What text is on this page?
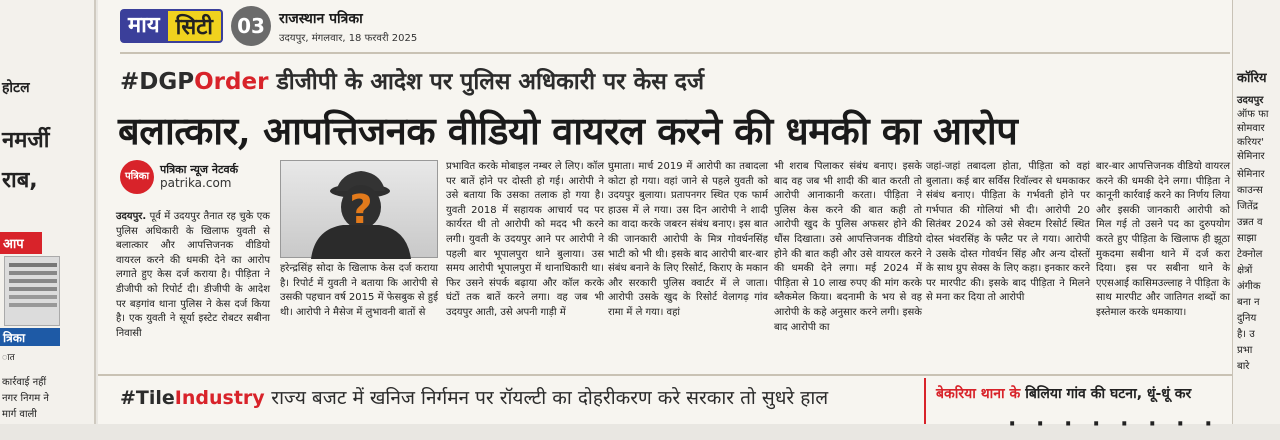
होटल
नमर्जी
राब,
आप
त्रिका
ात
कार्रवाई नहीं
नगर निगम ने
मार्ग वाली
माय सिटी	03	राजस्थान पत्रिका
उदयपुर, मंगलवार, 18 फरवरी 2025
#DGPOrder डीजीपी के आदेश पर पुलिस अधिकारी पर केस दर्ज
बलात्कार, आपत्तिजनक वीडियो वायरल करने की धमकी का आरोप
पत्रिका
पत्रिका न्यूज नेटवर्क
patrika.com
उदयपुर. पूर्व में उदयपुर तैनात रह चुके एक पुलिस अधिकारी के खिलाफ युवती से बलात्कार और आपत्तिजनक वीडियो वायरल करने की धमकी देने का आरोप लगाते हुए केस दर्ज कराया है। पीड़िता ने डीजीपी को रिपोर्ट दी। डीजीपी के आदेश पर बड़गांव थाना पुलिस ने केस दर्ज किया है। एक युवती ने सूर्या इस्टेट रोबटर सबीना निवासी
?
हरेन्द्रसिंह सोदा के खिलाफ केस दर्ज कराया है। रिपोर्ट में युवती ने बताया कि आरोपी से उसकी पहचान वर्ष 2015 में फेसबुक से हुई थी। आरोपी ने मैसेज में लुभावनी बातों से
प्रभावित करके मोबाइल नम्बर ले लिए। कॉल पर बातें होने पर दोस्ती हो गई। आरोपी ने उसे बताया कि उसका तलाक हो गया है। युवती 2018 में सहायक आचार्य पद पर कार्यरत थी तो आरोपी को मदद भी करने लगी। युवती के उदयपुर आने पर आरोपी ने पहली बार भूपालपुरा थाने बुलाया। उस समय आरोपी भूपालपुरा में थानाधिकारी था। फिर उसने संपर्क बढ़ाया और कॉल करके घंटों तक बातें करने लगा। वह जब भी उदयपुर आती, उसे अपनी गाड़ी में
घुमाता। मार्च 2019 में आरोपी का तबादला कोटा हो गया। वहां जाने से पहले युवती को उदयपुर बुलाया। प्रतापनगर स्थित एक फार्म हाउस में ले गया। उस दिन आरोपी ने शादी का वादा करके जबरन संबंध बनाए। इस बात की जानकारी आरोपी के मित्र गोवर्धनसिंह भाटी को भी थी। इसके बाद आरोपी बार-बार संबंध बनाने के लिए रिसोर्ट, किराए के मकान और सरकारी पुलिस क्वार्टर में ले जाता। आरोपी उसके खुद के रिसोर्ट वेलागढ़ गांव रामा में ले गया। वहां
भी शराब पिलाकर संबंध बनाए। इसके बाद वह जब भी शादी की बात करती तो आरोपी आनाकानी करता। पीड़िता ने पुलिस केस करने की बात कही तो आरोपी खुद के पुलिस अफसर होने की धौंस दिखाता। उसे आपत्तिजनक वीडियो होने की बात कही और उसे वायरल करने की धमकी देने लगा। मई 2024 में पीड़िता से 10 लाख रुपए की मांग करके ब्लैकमेल किया। बदनामी के भय से वह आरोपी के कहे अनुसार करने लगी। इसके बाद आरोपी का
जहां-जहां तबादला होता, पीड़िता को वहां बुलाता। कई बार सर्विस रिवॉल्वर से धमकाकर संबंध बनाए। पीड़िता के गर्भवती होने पर गर्भपात की गोलियां भी दी। आरोपी 20 सितंबर 2024 को उसे सेक्टम रिसोर्ट स्थित दोस्त भंवरसिंह के फ्लैट पर ले गया। आरोपी ने उसके दोस्त गोवर्धन सिंह और अन्य दोस्तों के साथ ग्रुप सेक्स के लिए कहा। इनकार करने पर मारपीट की। इसके बाद पीड़िता ने मिलने से मना कर दिया तो आरोपी
बार-बार आपत्तिजनक वीडियो वायरल करने की धमकी देने लगा। पीड़िता ने कानूनी कार्रवाई करने का निर्णय लिया और इसकी जानकारी आरोपी को मिल गई तो उसने पद का दुरुपयोग करते हुए पीड़िता के खिलाफ ही झूठा मुकदमा सबीना थाने में दर्ज करा दिया। इस पर सबीना थाने के एएसआई कासिमउल्लाह ने पीड़िता के साथ मारपीट और जातिगत शब्दों का इस्तेमाल करके धमकाया।
#TileIndustry राज्य बजट में खनिज निर्गमन पर रॉयल्टी का दोहरीकरण करे सरकार तो सुधरे हाल	बेकरिया थाना के बिलिया गांव की घटना, धूं-धूं कर
· · · · · · · ·
कॉरिय
उदयपुर
ऑफ फा
सोमवार
करियर'
सेमिनार
सेमिनार
काउन्स
जितेंद्र
उन्नत व
साझा
टेक्नोल
क्षेत्रों
अंगीक
बना न
दुनिय
है। उ
प्रभा
बारे
